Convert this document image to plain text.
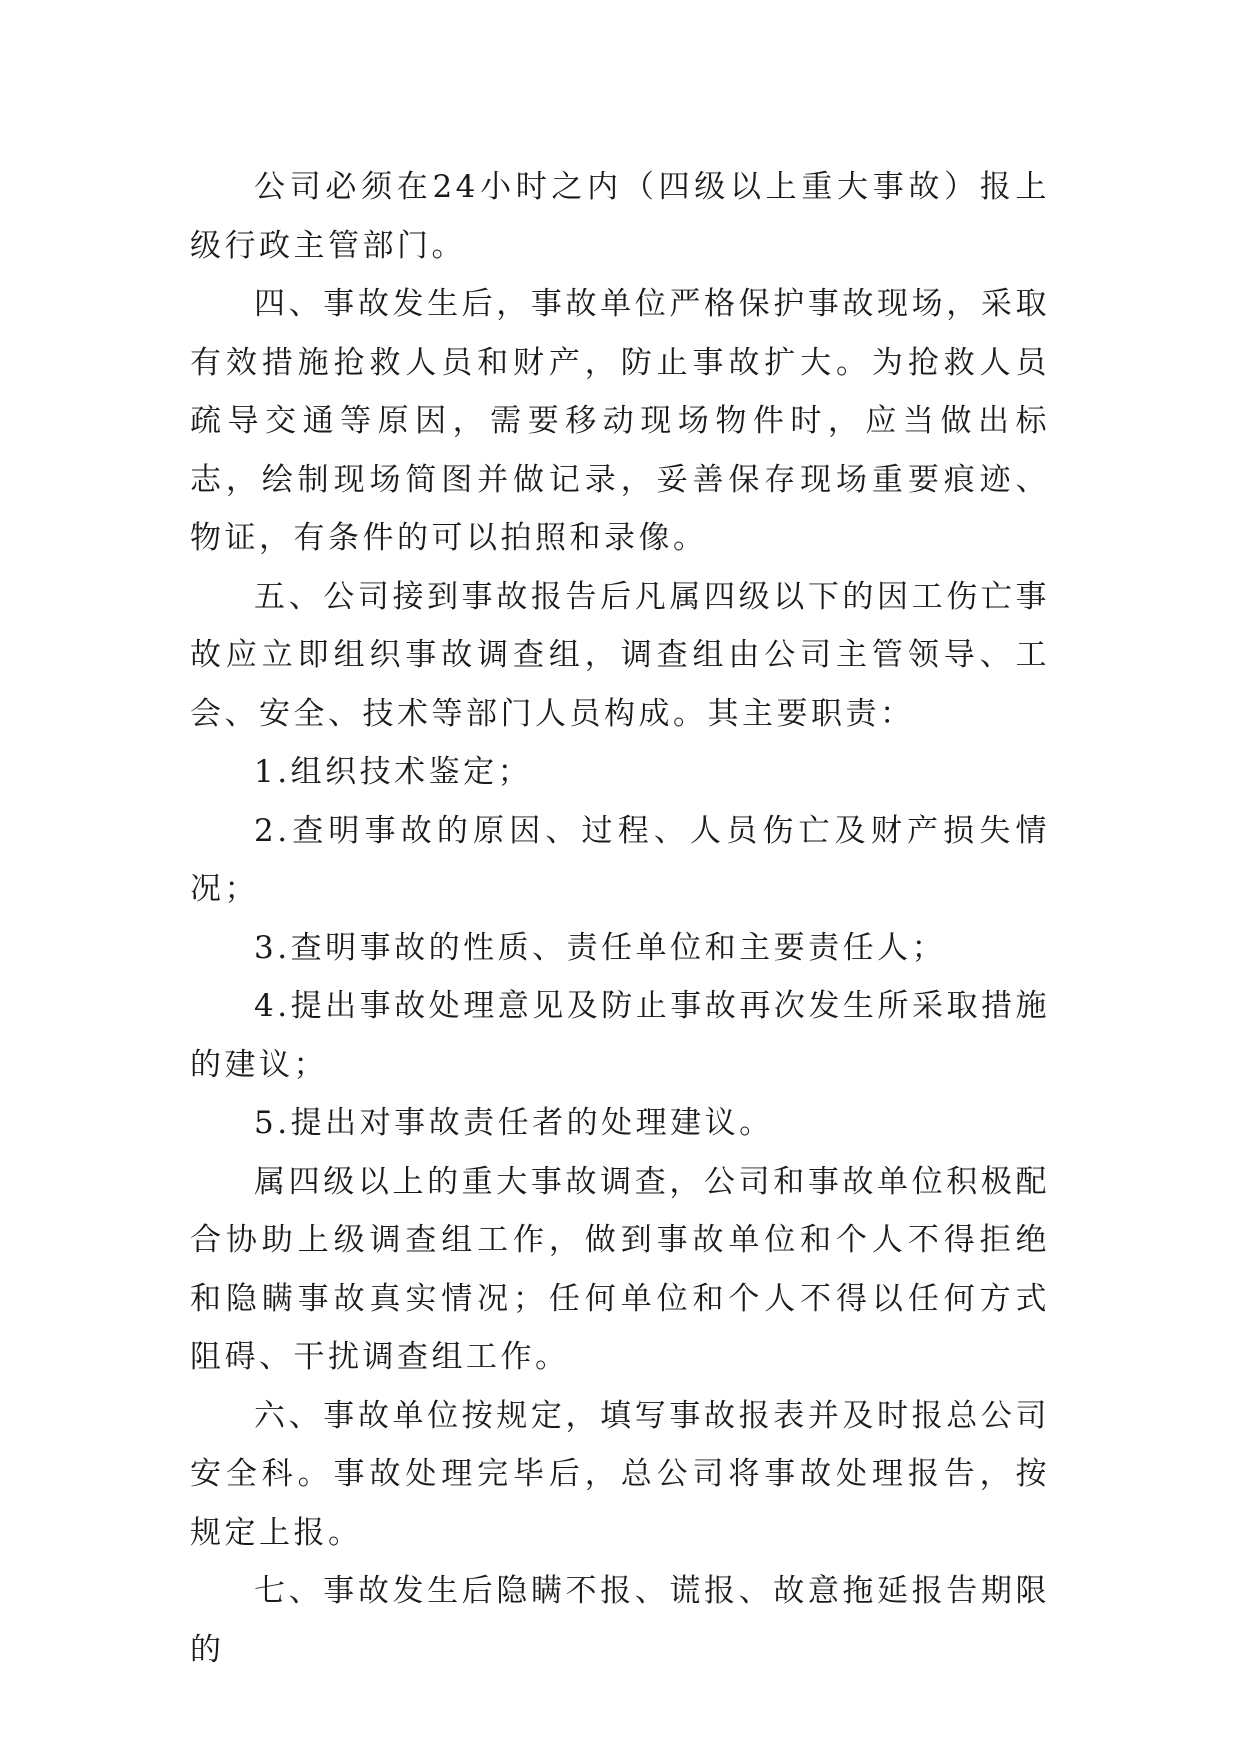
公司必须在24小时之内（四级以上重大事故）报上级行政主管部门。

四、事故发生后，事故单位严格保护事故现场，采取有效措施抢救人员和财产，防止事故扩大。为抢救人员疏导交通等原因，需要移动现场物件时，应当做出标志，绘制现场简图并做记录，妥善保存现场重要痕迹、物证，有条件的可以拍照和录像。

五、公司接到事故报告后凡属四级以下的因工伤亡事故应立即组织事故调查组，调查组由公司主管领导、工会、安全、技术等部门人员构成。其主要职责：

1.组织技术鉴定；

2.查明事故的原因、过程、人员伤亡及财产损失情况；

3.查明事故的性质、责任单位和主要责任人；

4.提出事故处理意见及防止事故再次发生所采取措施的建议；

5.提出对事故责任者的处理建议。

属四级以上的重大事故调查，公司和事故单位积极配合协助上级调查组工作，做到事故单位和个人不得拒绝和隐瞒事故真实情况；任何单位和个人不得以任何方式阻碍、干扰调查组工作。

六、事故单位按规定，填写事故报表并及时报总公司安全科。事故处理完毕后，总公司将事故处理报告，按规定上报。

七、事故发生后隐瞒不报、谎报、故意拖延报告期限的
